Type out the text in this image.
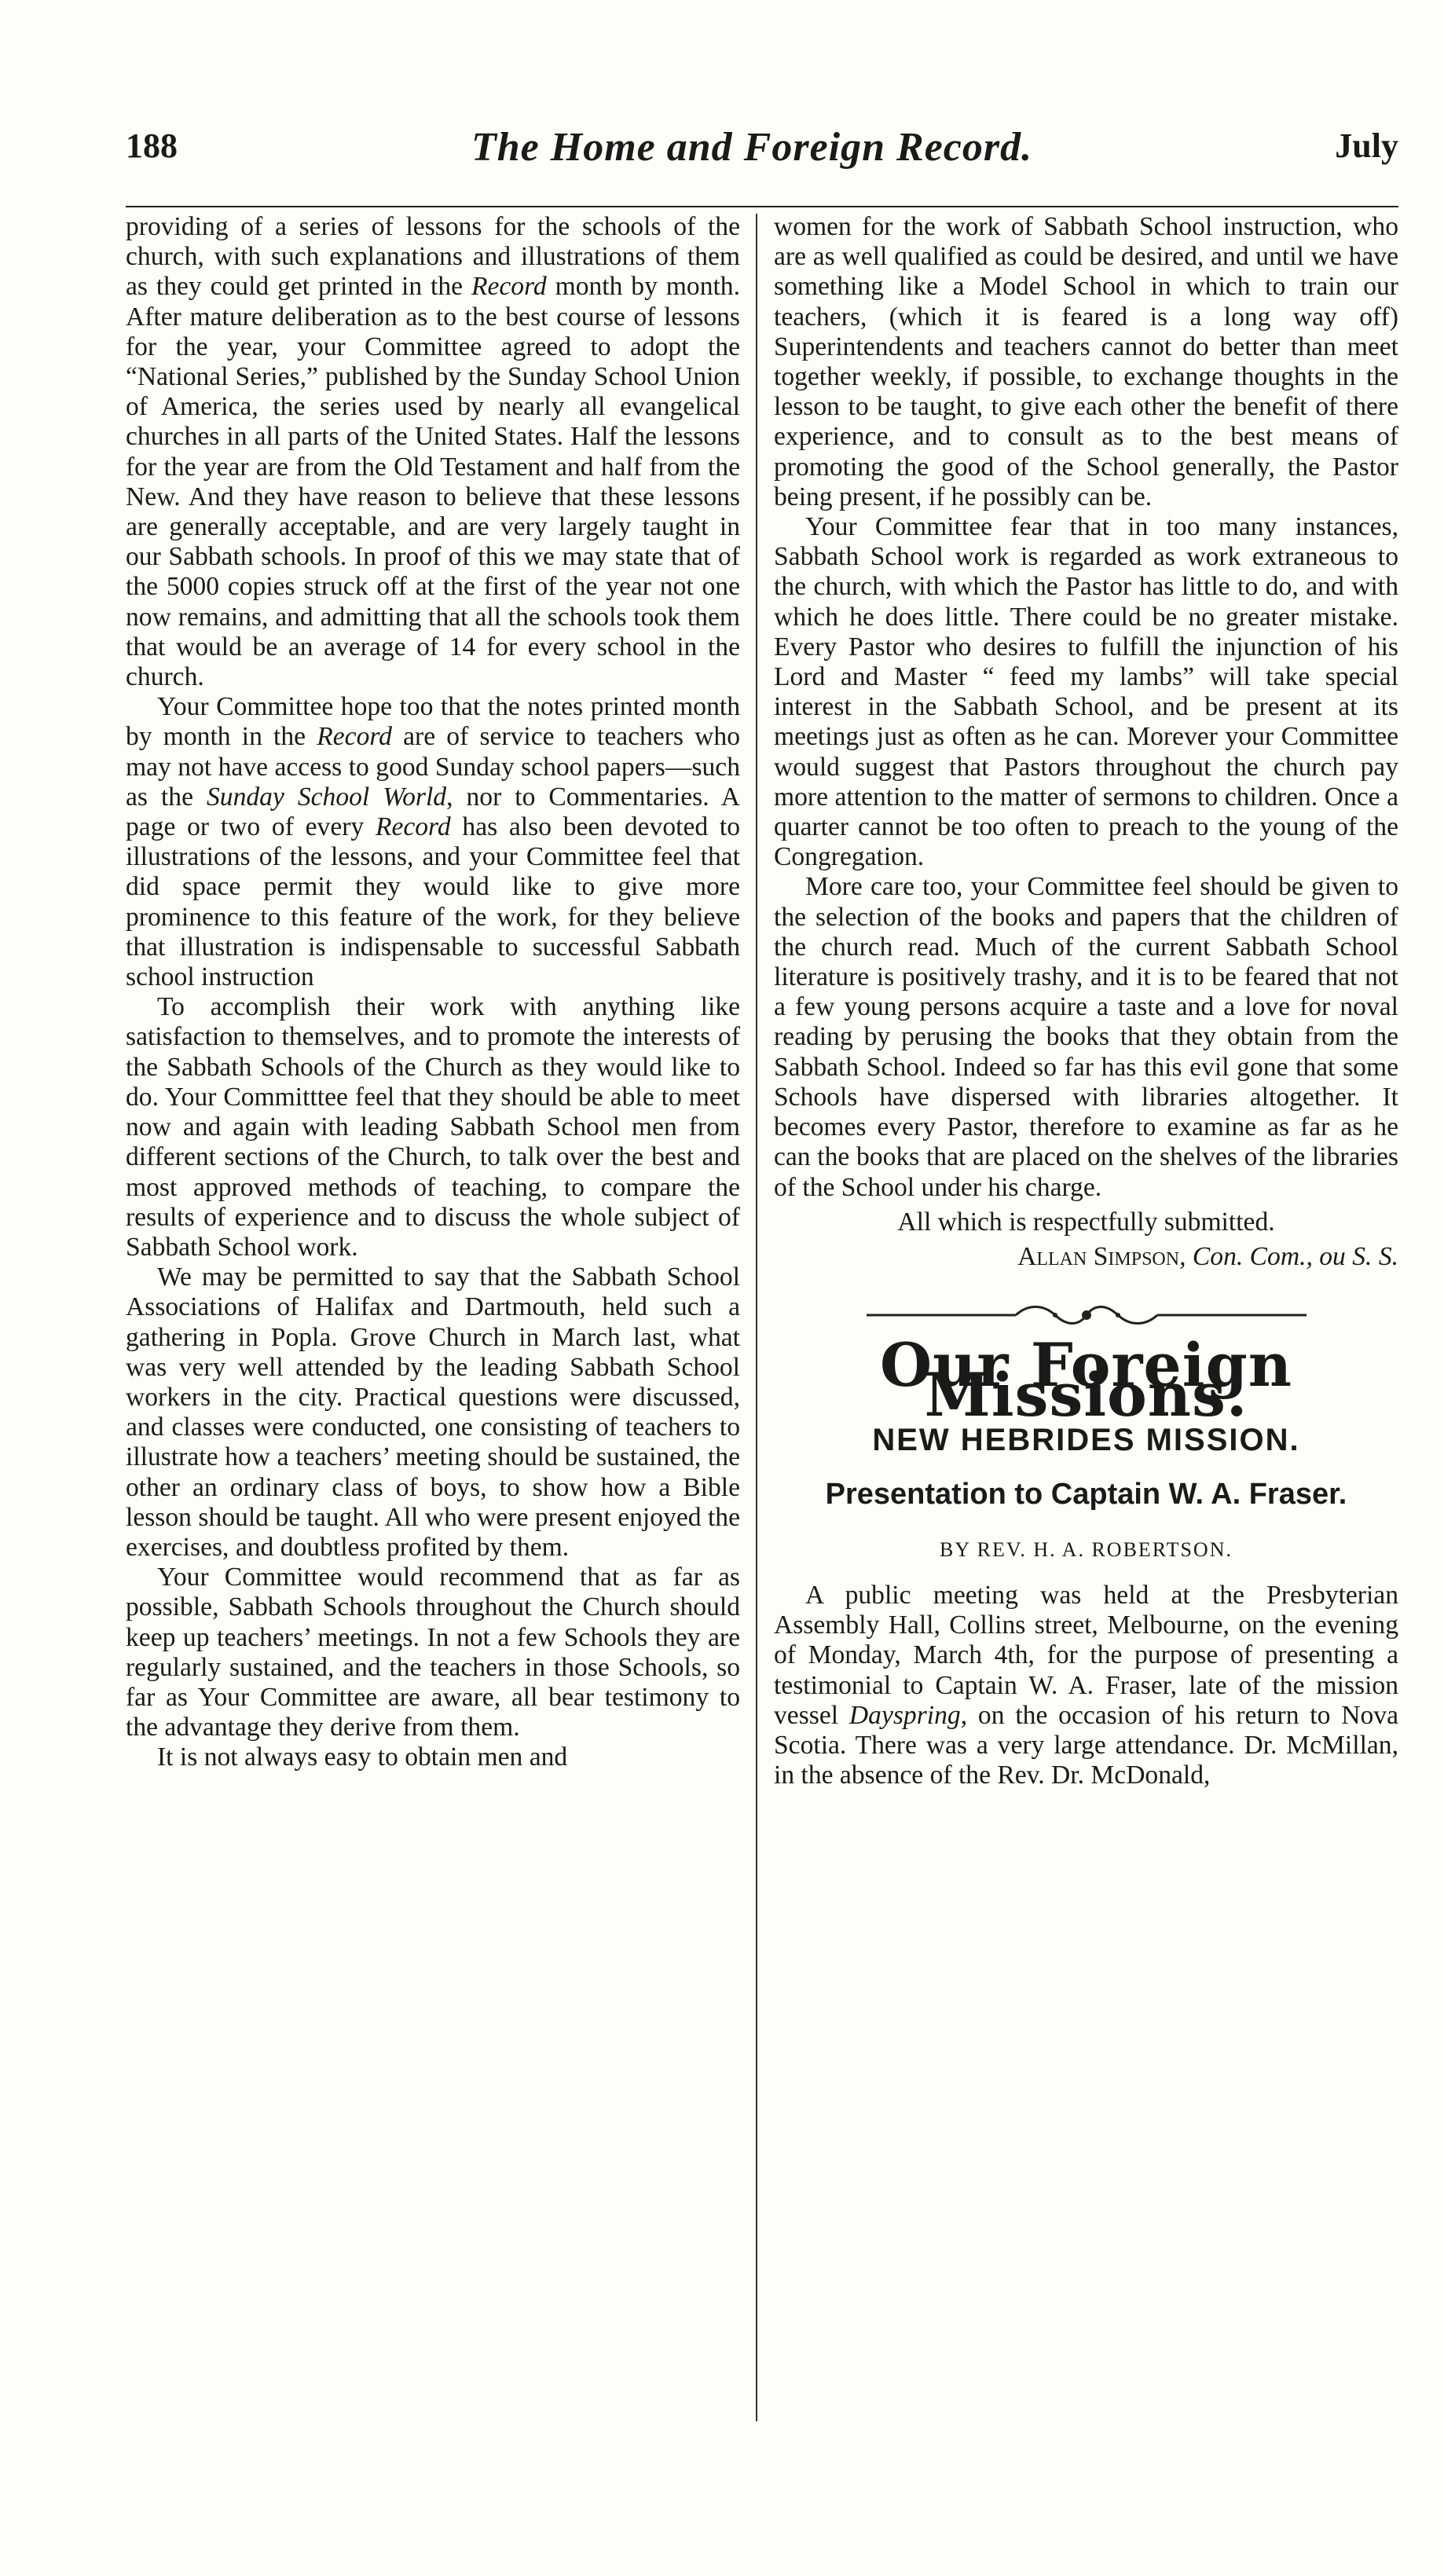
188	The Home and Foreign Record.	July

providing of a series of lessons for the schools of the church, with such explanations and illustrations of them as they could get printed in the Record month by month. After mature deliberation as to the best course of lessons for the year, your Committee agreed to adopt the “National Series,” published by the Sunday School Union of America, the series used by nearly all evangelical churches in all parts of the United States. Half the lessons for the year are from the Old Testament and half from the New. And they have reason to believe that these lessons are generally acceptable, and are very largely taught in our Sabbath schools. In proof of this we may state that of the 5000 copies struck off at the first of the year not one now remains, and admitting that all the schools took them that would be an average of 14 for every school in the church.

Your Committee hope too that the notes printed month by month in the Record are of service to teachers who may not have access to good Sunday school papers—such as the Sunday School World, nor to Commentaries. A page or two of every Record has also been devoted to illustrations of the lessons, and your Committee feel that did space permit they would like to give more prominence to this feature of the work, for they believe that illustration is indispensable to successful Sabbath school instruction

To accomplish their work with anything like satisfaction to themselves, and to promote the interests of the Sabbath Schools of the Church as they would like to do. Your Committtee feel that they should be able to meet now and again with leading Sabbath School men from different sections of the Church, to talk over the best and most approved methods of teaching, to compare the results of experience and to discuss the whole subject of Sabbath School work.

We may be permitted to say that the Sabbath School Associations of Halifax and Dartmouth, held such a gathering in Popla. Grove Church in March last, what was very well attended by the leading Sabbath School workers in the city. Practical questions were discussed, and classes were conducted, one consisting of teachers to illustrate how a teachers’ meeting should be sustained, the other an ordinary class of boys, to show how a Bible lesson should be taught. All who were present enjoyed the exercises, and doubtless profited by them.

Your Committee would recommend that as far as possible, Sabbath Schools throughout the Church should keep up teachers’ meetings. In not a few Schools they are regularly sustained, and the teachers in those Schools, so far as Your Committee are aware, all bear testimony to the advantage they derive from them.

It is not always easy to obtain men and

women for the work of Sabbath School instruction, who are as well qualified as could be desired, and until we have something like a Model School in which to train our teachers, (which it is feared is a long way off) Superintendents and teachers cannot do better than meet together weekly, if possible, to exchange thoughts in the lesson to be taught, to give each other the benefit of there experience, and to consult as to the best means of promoting the good of the School generally, the Pastor being present, if he possibly can be.

Your Committee fear that in too many instances, Sabbath School work is regarded as work extraneous to the church, with which the Pastor has little to do, and with which he does little. There could be no greater mistake. Every Pastor who desires to fulfill the injunction of his Lord and Master “ feed my lambs” will take special interest in the Sabbath School, and be present at its meetings just as often as he can. Morever your Committee would suggest that Pastors throughout the church pay more attention to the matter of sermons to children. Once a quarter cannot be too often to preach to the young of the Congregation.

More care too, your Committee feel should be given to the selection of the books and papers that the children of the church read. Much of the current Sabbath School literature is positively trashy, and it is to be feared that not a few young persons acquire a taste and a love for noval reading by perusing the books that they obtain from the Sabbath School. Indeed so far has this evil gone that some Schools have dispersed with libraries altogether. It becomes every Pastor, therefore to examine as far as he can the books that are placed on the shelves of the libraries of the School under his charge.

All which is respectfully submitted.

Allan Simpson, Con. Com., ou S. S.

Our Foreign Missions.
NEW HEBRIDES MISSION.
Presentation to Captain W. A. Fraser.
BY REV. H. A. ROBERTSON.

A public meeting was held at the Presbyterian Assembly Hall, Collins street, Melbourne, on the evening of Monday, March 4th, for the purpose of presenting a testimonial to Captain W. A. Fraser, late of the mission vessel Dayspring, on the occasion of his return to Nova Scotia. There was a very large attendance. Dr. McMillan, in the absence of the Rev. Dr. McDonald,
